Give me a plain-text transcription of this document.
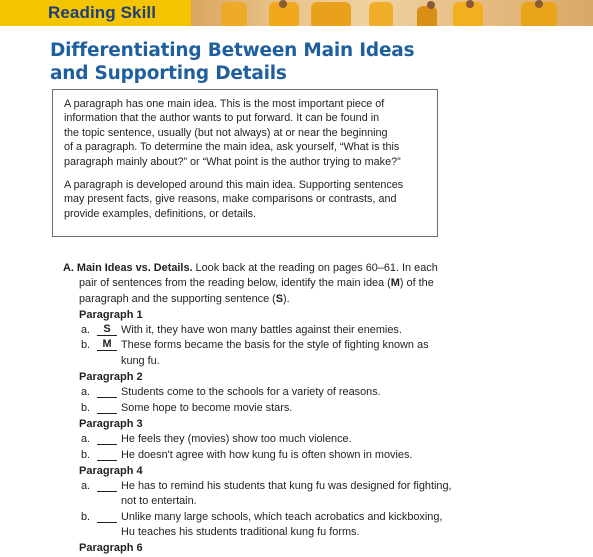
Reading Skill
Differentiating Between Main Ideas
and Supporting Details

A paragraph has one main idea. This is the most important piece of

information that the author wants to put forward. It can be found in

the topic sentence, usually (but not always) at or near the beginning

of a paragraph. To determine the main idea, ask yourself, “What is this

paragraph mainly about?” or “What point is the author trying to make?”

A paragraph is developed around this main idea. Supporting sentences

may present facts, give reasons, make comparisons or contrasts, and

provide examples, definitions, or details.

A. Main Ideas vs. Details. Look back at the reading on pages 60–61. In each
pair of sentences from the reading below, identify the main idea (M) of the
paragraph and the supporting sentence (S).
Paragraph 1
a.	S With it, they have won many battles against their enemies.
b.	M These forms became the basis for the style of fighting known as
kung fu.
Paragraph 2
a.	Students come to the schools for a variety of reasons.
b.	Some hope to become movie stars.
Paragraph 3
a.	He feels they (movies) show too much violence.
b.	He doesn't agree with how kung fu is often shown in movies.
Paragraph 4
a.	He has to remind his students that kung fu was designed for fighting,
not to entertain.
b.	Unlike many large schools, which teach acrobatics and kickboxing,
Hu teaches his students traditional kung fu forms.
Paragraph 6
